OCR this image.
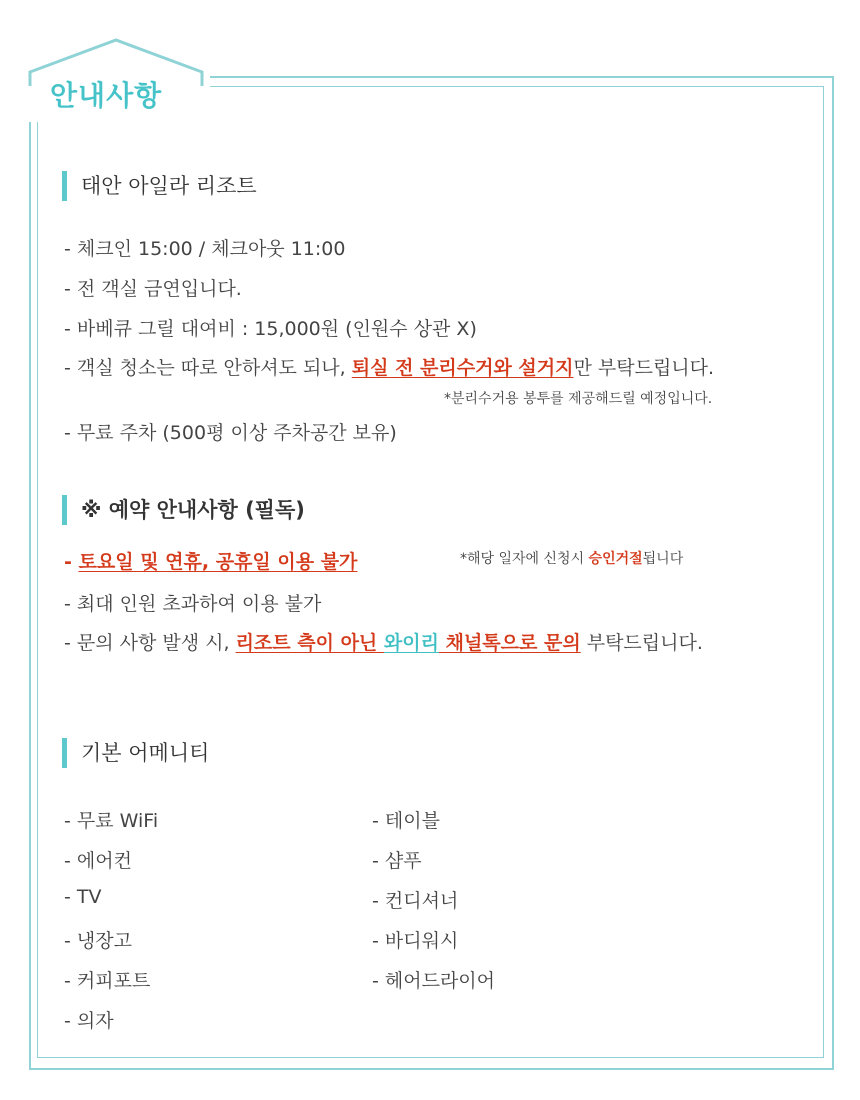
안내사항
태안 아일라 리조트
- 체크인 15:00 / 체크아웃 11:00
- 전 객실 금연입니다.
- 바베큐 그릴 대여비 : 15,000원 (인원수 상관 X)
- 객실 청소는 따로 안하셔도 되나, 퇴실 전 분리수거와 설거지만 부탁드립니다.
*분리수거용 봉투를 제공해드릴 예정입니다.
- 무료 주차 (500평 이상 주차공간 보유)
※ 예약 안내사항 (필독)
- 토요일 및 연휴, 공휴일 이용 불가	*해당 일자에 신청시 승인거절됩니다
- 최대 인원 초과하여 이용 불가
- 문의 사항 발생 시, 리조트 측이 아닌 와이리 채널톡으로 문의 부탁드립니다.
기본 어메니티
- 무료 WiFi
- 에어컨
- TV
- 냉장고
- 커피포트
- 의자
- 테이블
- 샴푸
- 컨디셔너
- 바디워시
- 헤어드라이어
